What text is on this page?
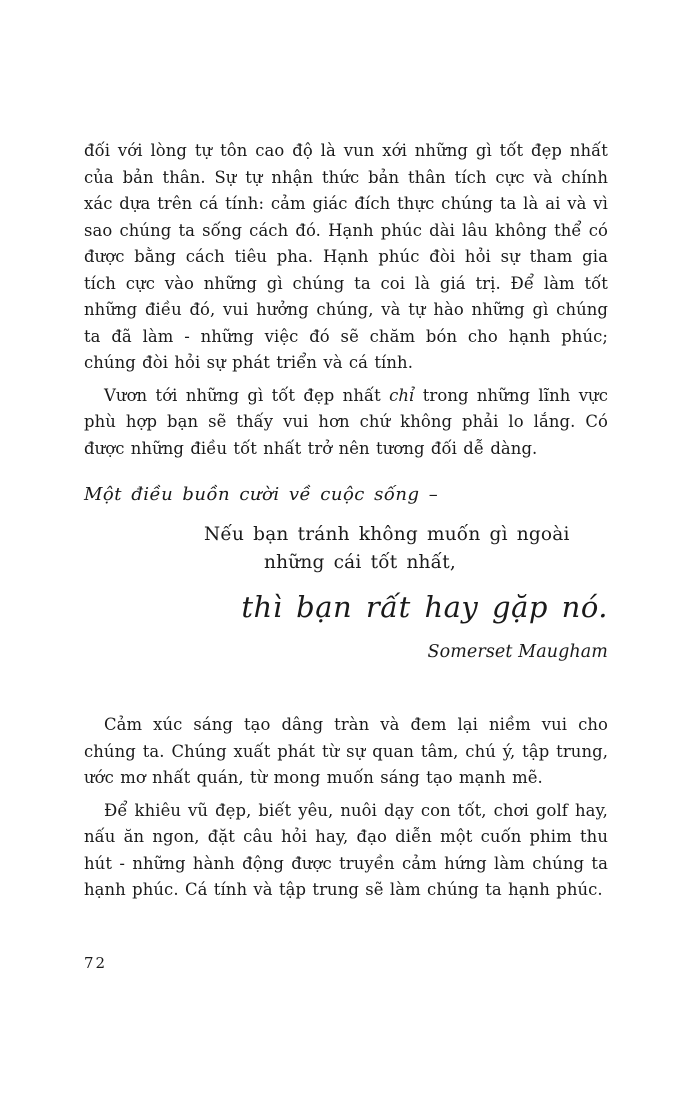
đối với lòng tự tôn cao độ là vun xới những gì tốt đẹp nhất của bản thân. Sự tự nhận thức bản thân tích cực và chính xác dựa trên cá tính: cảm giác đích thực chúng ta là ai và vì sao chúng ta sống cách đó. Hạnh phúc dài lâu không thể có được bằng cách tiêu pha. Hạnh phúc đòi hỏi sự tham gia tích cực vào những gì chúng ta coi là giá trị. Để làm tốt những điều đó, vui hưởng chúng, và tự hào những gì chúng ta đã làm - những việc đó sẽ chăm bón cho hạnh phúc; chúng đòi hỏi sự phát triển và cá tính.

Vươn tới những gì tốt đẹp nhất chỉ trong những lĩnh vực phù hợp bạn sẽ thấy vui hơn chứ không phải lo lắng. Có được những điều tốt nhất trở nên tương đối dễ dàng.

Một điều buồn cười về cuộc sống –
Nếu bạn tránh không muốn gì ngoài
những cái tốt nhất,
thì bạn rất hay gặp nó.
Somerset Maugham

Cảm xúc sáng tạo dâng tràn và đem lại niềm vui cho chúng ta. Chúng xuất phát từ sự quan tâm, chú ý, tập trung, ước mơ nhất quán, từ mong muốn sáng tạo mạnh mẽ.

Để khiêu vũ đẹp, biết yêu, nuôi dạy con tốt, chơi golf hay, nấu ăn ngon, đặt câu hỏi hay, đạo diễn một cuốn phim thu hút - những hành động được truyền cảm hứng làm chúng ta hạnh phúc. Cá tính và tập trung sẽ làm chúng ta hạnh phúc.

72
